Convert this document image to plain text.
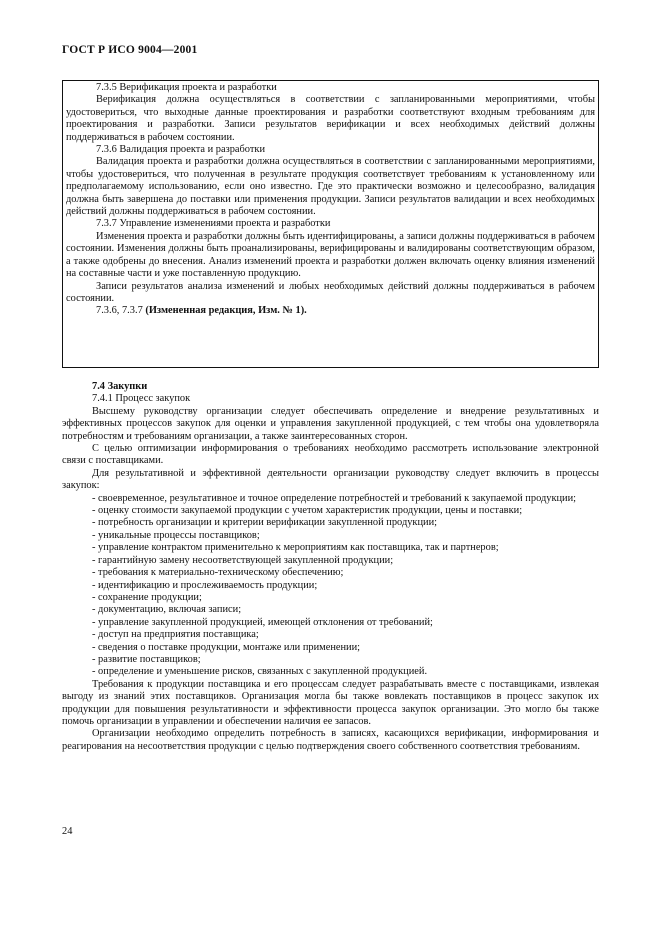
ГОСТ Р ИСО 9004—2001

7.3.5 Верификация проекта и разработки

Верификация должна осуществляться в соответствии с запланированными мероприятиями, чтобы удостовериться, что выходные данные проектирования и разработки соответствуют входным требованиям для проектирования и разработки. Записи результатов верификации и всех необходимых действий должны поддерживаться в рабочем состоянии.

7.3.6 Валидация проекта и разработки

Валидация проекта и разработки должна осуществляться в соответствии с запланированными мероприятиями, чтобы удостовериться, что полученная в результате продукция соответствует требованиям к установленному или предполагаемому использованию, если оно известно. Где это практически возможно и целесообразно, валидация должна быть завершена до поставки или применения продукции. Записи результатов валидации и всех необходимых действий должны поддерживаться в рабочем состоянии.

7.3.7 Управление изменениями проекта и разработки

Изменения проекта и разработки должны быть идентифицированы, а записи должны поддерживаться в рабочем состоянии. Изменения должны быть проанализированы, верифицированы и валидированы соответствующим образом, а также одобрены до внесения. Анализ изменений проекта и разработки должен включать оценку влияния изменений на составные части и уже поставленную продукцию.

Записи результатов анализа изменений и любых необходимых действий должны поддерживаться в рабочем состоянии.

7.3.6, 7.3.7 (Измененная редакция, Изм. № 1).

7.4 Закупки

7.4.1 Процесс закупок

Высшему руководству организации следует обеспечивать определение и внедрение результативных и эффективных процессов закупок для оценки и управления закупленной продукцией, с тем чтобы она удовлетворяла потребностям и требованиям организации, а также заинтересованных сторон.

С целью оптимизации информирования о требованиях необходимо рассмотреть использование электронной связи с поставщиками.

Для результативной и эффективной деятельности организации руководству следует включить в процессы закупок:

- своевременное, результативное и точное определение потребностей и требований к закупаемой продукции;

- оценку стоимости закупаемой продукции с учетом характеристик продукции, цены и поставки;

- потребность организации и критерии верификации закупленной продукции;

- уникальные процессы поставщиков;

- управление контрактом применительно к мероприятиям как поставщика, так и партнеров;

- гарантийную замену несоответствующей закупленной продукции;

- требования к материально-техническому обеспечению;

- идентификацию и прослеживаемость продукции;

- сохранение продукции;

- документацию, включая записи;

- управление закупленной продукцией, имеющей отклонения от требований;

- доступ на предприятия поставщика;

- сведения о поставке продукции, монтаже или применении;

- развитие поставщиков;

- определение и уменьшение рисков, связанных с закупленной продукцией.

Требования к продукции поставщика и его процессам следует разрабатывать вместе с поставщиками, извлекая выгоду из знаний этих поставщиков. Организация могла бы также вовлекать поставщиков в процесс закупок их продукции для повышения результативности и эффективности процесса закупок организации. Это могло бы также помочь организации в управлении и обеспечении наличия ее запасов.

Организации необходимо определить потребность в записях, касающихся верификации, информирования и реагирования на несоответствия продукции с целью подтверждения своего собственного соответствия требованиям.

24
